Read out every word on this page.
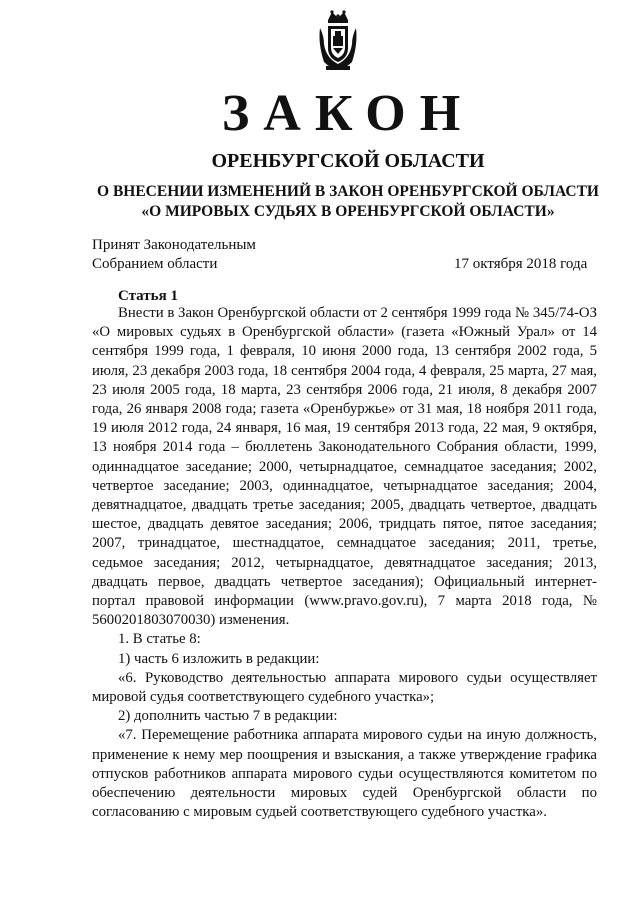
ЗАКОН
ОРЕНБУРГСКОЙ ОБЛАСТИ
О ВНЕСЕНИИ ИЗМЕНЕНИЙ В ЗАКОН ОРЕНБУРГСКОЙ ОБЛАСТИ
«О МИРОВЫХ СУДЬЯХ В ОРЕНБУРГСКОЙ ОБЛАСТИ»
Принят Законодательным
Собранием области	17 октября 2018 года
Статья 1

Внести в Закон Оренбургской области от 2 сентября 1999 года № 345/74-ОЗ «О мировых судьях в Оренбургской области» (газета «Южный Урал» от 14 сентября 1999 года, 1 февраля, 10 июня 2000 года, 13 сентября 2002 года, 5 июля, 23 декабря 2003 года, 18 сентября 2004 года, 4 февраля, 25 марта, 27 мая, 23 июля 2005 года, 18 марта, 23 сентября 2006 года, 21 июля, 8 декабря 2007 года, 26 января 2008 года; газета «Оренбуржье» от 31 мая, 18 ноября 2011 года, 19 июля 2012 года, 24 января, 16 мая, 19 сентября 2013 года, 22 мая, 9 октября, 13 ноября 2014 года – бюллетень Законодательного Собрания области, 1999, одиннадцатое заседание; 2000, четырнадцатое, семнадцатое заседания; 2002, четвертое заседание; 2003, одиннадцатое, четырнадцатое заседания; 2004, девятнадцатое, двадцать третье заседания; 2005, двадцать четвертое, двадцать шестое, двадцать девятое заседания; 2006, тридцать пятое, пятое заседания; 2007, тринадцатое, шестнадцатое, семнадцатое заседания; 2011, третье, седьмое заседания; 2012, четырнадцатое, девятнадцатое заседания; 2013, двадцать первое, двадцать четвертое заседания); Официальный интернет-портал правовой информации (www.pravo.gov.ru), 7 марта 2018 года, № 5600201803070030) изменения.

1. В статье 8:

1) часть 6 изложить в редакции:

«6. Руководство деятельностью аппарата мирового судьи осуществляет мировой судья соответствующего судебного участка»;

2) дополнить частью 7 в редакции:

«7. Перемещение работника аппарата мирового судьи на иную должность, применение к нему мер поощрения и взыскания, а также утверждение графика отпусков работников аппарата мирового судьи осуществляются комитетом по обеспечению деятельности мировых судей Оренбургской области по согласованию с мировым судьей соответствующего судебного участка».
